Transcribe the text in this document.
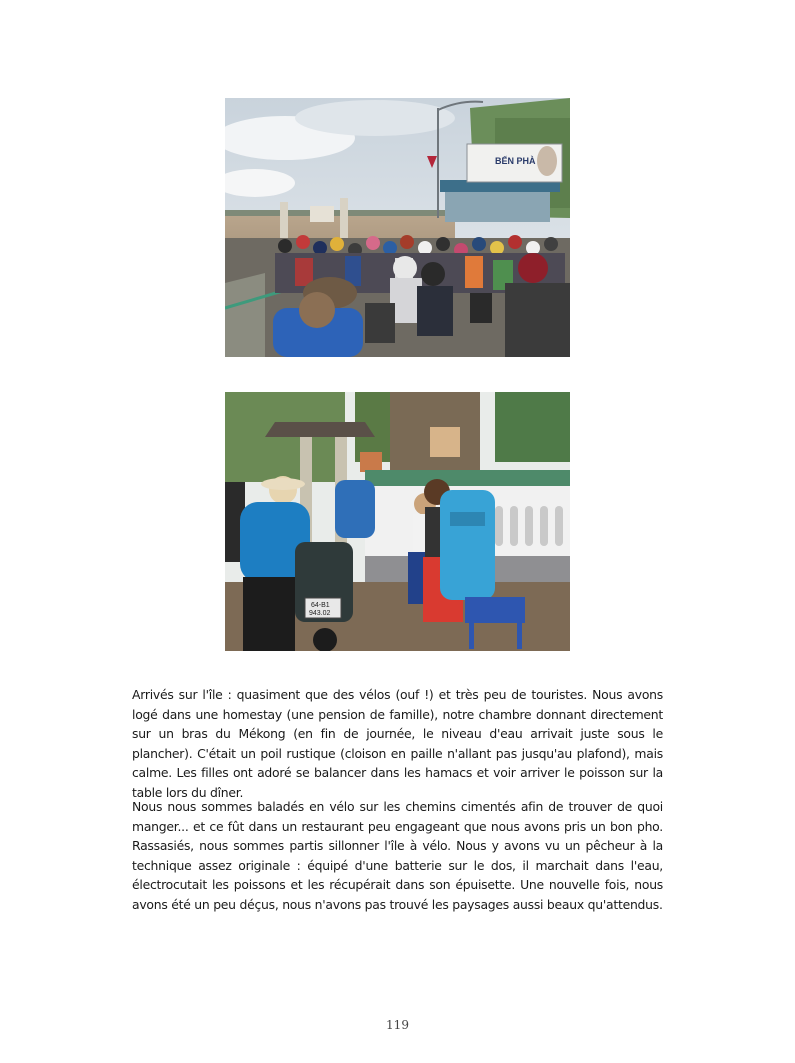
BẾN PHÀ
64-B1
943.02

Arrivés sur l'île : quasiment que des vélos (ouf !) et très peu de touristes. Nous avons logé dans une homestay (une pension de famille), notre chambre donnant directement sur un bras du Mékong (en fin de journée, le niveau d'eau arrivait juste sous le plancher). C'était un poil rustique (cloison en paille n'allant pas jusqu'au plafond), mais calme. Les filles ont adoré se balancer dans les hamacs et voir arriver le poisson sur la table lors du dîner.

Nous nous sommes baladés en vélo sur les chemins cimentés afin de trouver de quoi manger... et ce fût dans un restaurant peu engageant que nous avons pris un bon pho. Rassasiés, nous sommes partis sillonner l'île à vélo. Nous y avons vu un pêcheur à la technique assez originale : équipé d'une batterie sur le dos, il marchait dans l'eau, électrocutait les poissons et les récupérait dans son épuisette. Une nouvelle fois, nous avons été un peu déçus, nous n'avons pas trouvé les paysages aussi beaux qu'attendus.

119
